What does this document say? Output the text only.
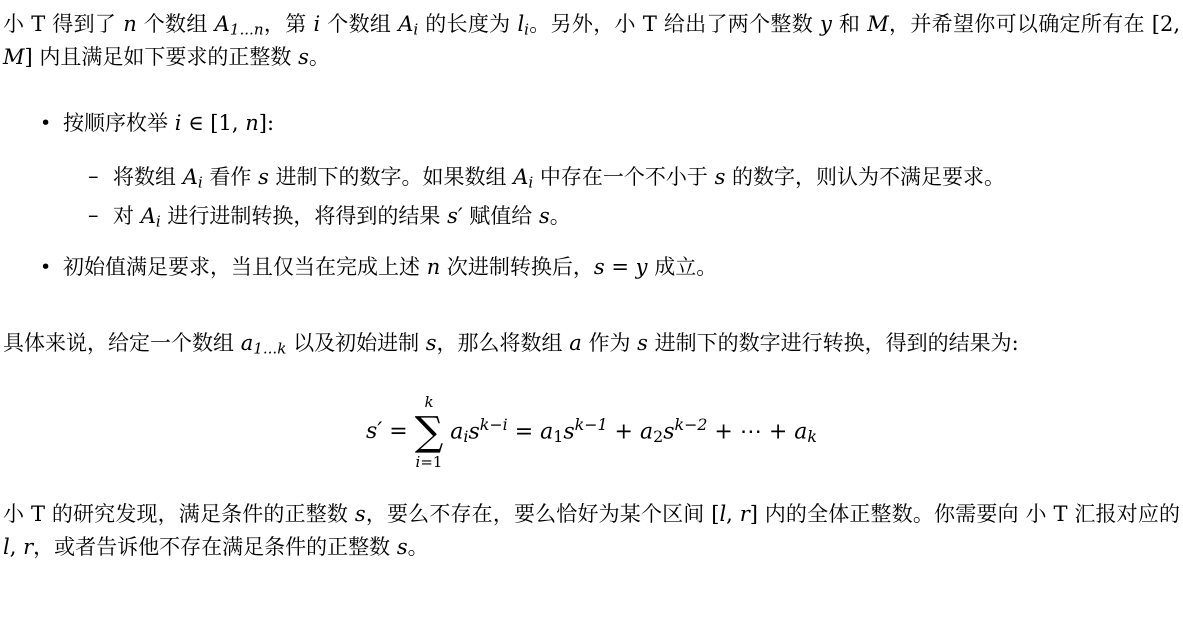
小 T 得到了 n 个数组 A1...n，第 i 个数组 Ai 的长度为 li。另外，小 T 给出了两个整数 y 和 M，并希望你可以确定所有在 [2, M] 内且满足如下要求的正整数 s。
• 按顺序枚举 i ∈ [1, n]:
– 将数组 Ai 看作 s 进制下的数字。如果数组 Ai 中存在一个不小于 s 的数字，则认为不满足要求。
– 对 Ai 进行进制转换，将得到的结果 s′ 赋值给 s。
• 初始值满足要求，当且仅当在完成上述 n 次进制转换后，s = y 成立。
具体来说，给定一个数组 a1...k 以及初始进制 s，那么将数组 a 作为 s 进制下的数字进行转换，得到的结果为:
s′ =
k
∑
i=1
$ais^{k-i} = a1s^{k-1} + a2s^{k-2}$ + ⋯ + ak
小 T 的研究发现，满足条件的正整数 s，要么不存在，要么恰好为某个区间 [l, r] 内的全体正整数。你需要向 小 T 汇报对应的 l, r，或者告诉他不存在满足条件的正整数 s。
